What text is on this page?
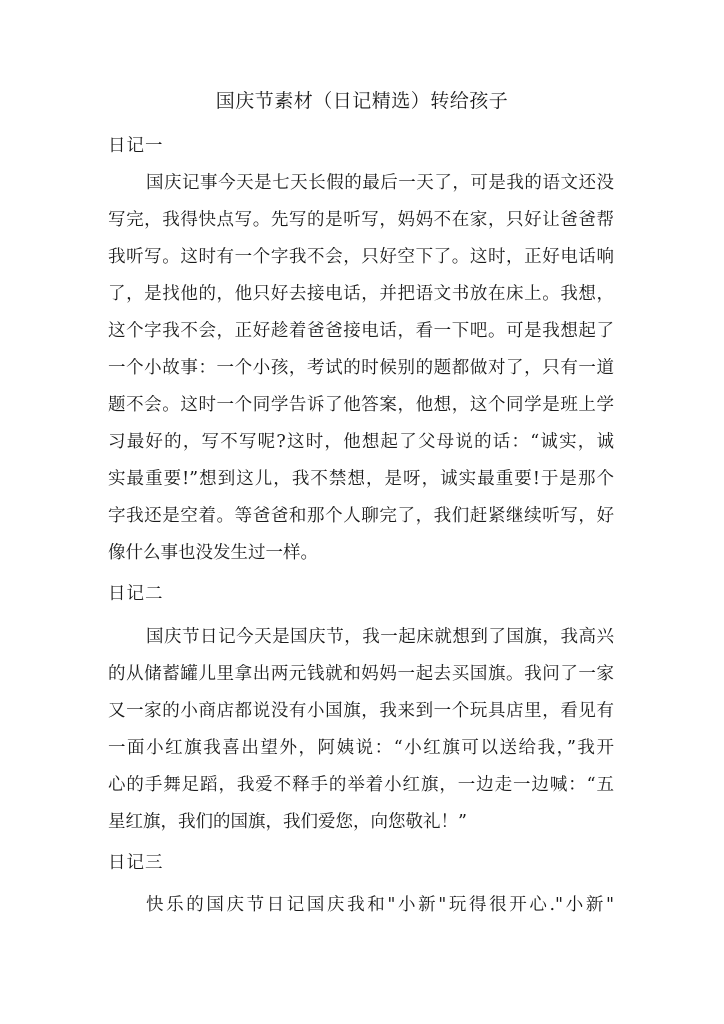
国庆节素材（日记精选）转给孩子
日记一
国庆记事今天是七天长假的最后一天了，可是我的语文还没
写完，我得快点写。先写的是听写，妈妈不在家，只好让爸爸帮
我听写。这时有一个字我不会，只好空下了。这时，正好电话响
了，是找他的，他只好去接电话，并把语文书放在床上。我想，
这个字我不会，正好趁着爸爸接电话，看一下吧。可是我想起了
一个小故事：一个小孩，考试的时候别的题都做对了，只有一道
题不会。这时一个同学告诉了他答案，他想，这个同学是班上学
习最好的，写不写呢?这时，他想起了父母说的话：“诚实，诚
实最重要!”想到这儿，我不禁想，是呀，诚实最重要!于是那个
字我还是空着。等爸爸和那个人聊完了，我们赶紧继续听写，好
像什么事也没发生过一样。
日记二
国庆节日记今天是国庆节，我一起床就想到了国旗，我高兴
的从储蓄罐儿里拿出两元钱就和妈妈一起去买国旗。我问了一家
又一家的小商店都说没有小国旗，我来到一个玩具店里，看见有
一面小红旗我喜出望外，阿姨说：“小红旗可以送给我，”我开
心的手舞足蹈，我爱不释手的举着小红旗，一边走一边喊：“五
星红旗，我们的国旗，我们爱您，向您敬礼！”
日记三
快乐的国庆节日记国庆我和"小新"玩得很开心."小新"
